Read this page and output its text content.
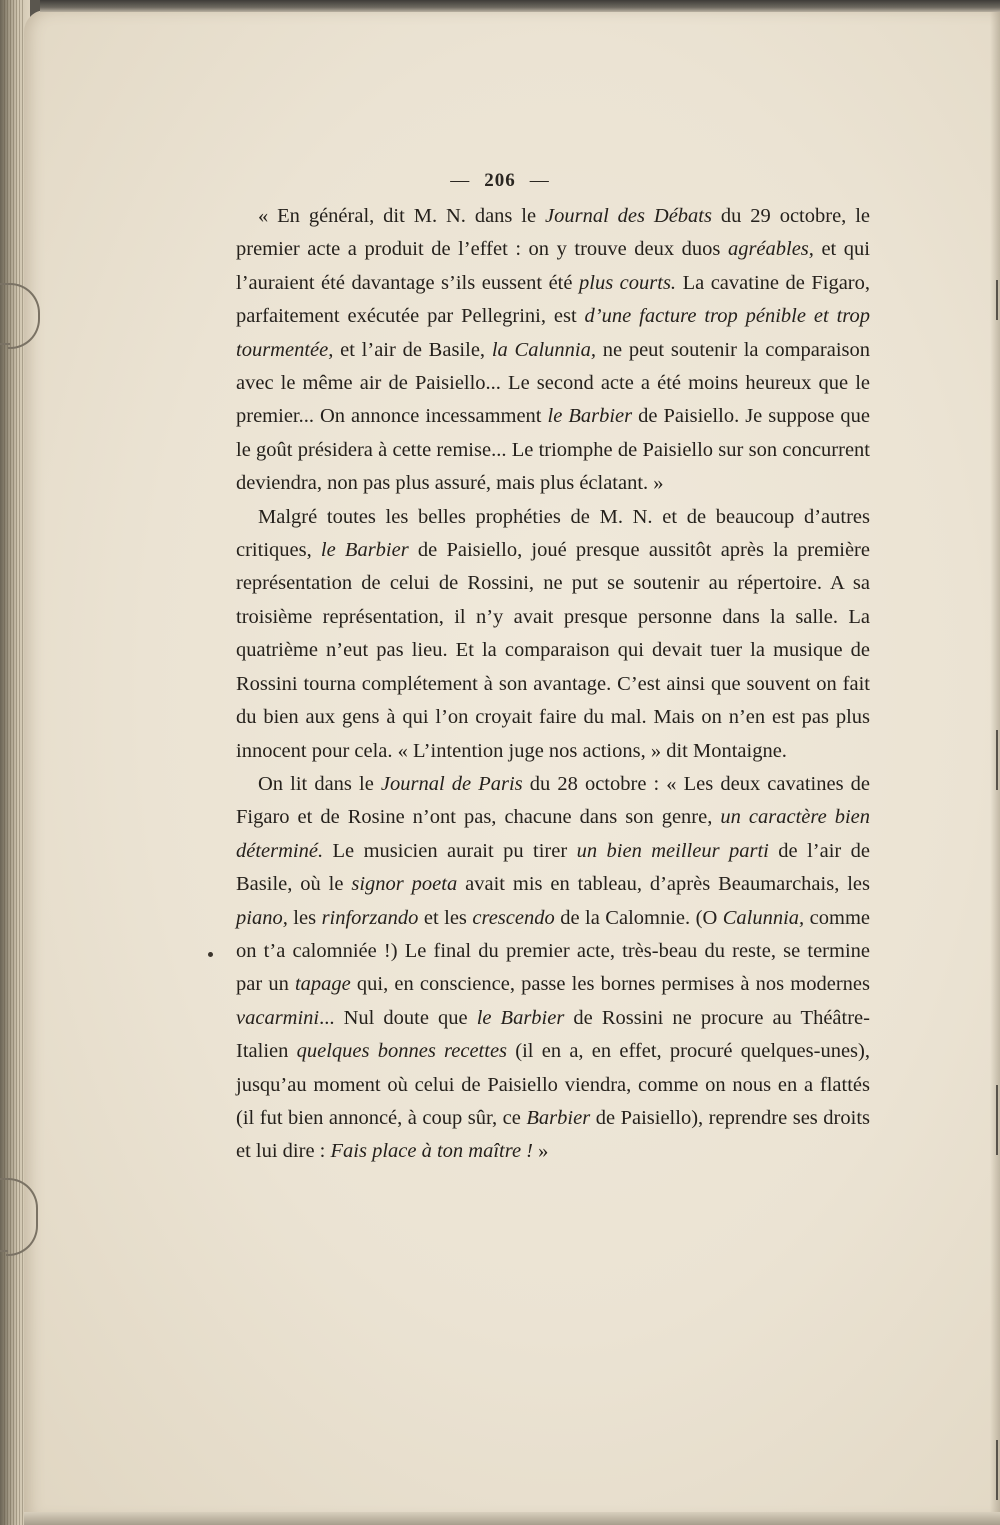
— 206 —

« En général, dit M. N. dans le Journal des Débats du 29 octobre, le premier acte a produit de l’effet : on y trouve deux duos agréables, et qui l’auraient été davantage s’ils eussent été plus courts. La cavatine de Figaro, parfaitement exécutée par Pellegrini, est d’une facture trop pénible et trop tourmentée, et l’air de Basile, la Calunnia, ne peut soutenir la comparaison avec le même air de Paisiello... Le second acte a été moins heureux que le premier... On annonce incessamment le Barbier de Paisiello. Je suppose que le goût présidera à cette remise... Le triomphe de Paisiello sur son concurrent deviendra, non pas plus assuré, mais plus éclatant. »

Malgré toutes les belles prophéties de M. N. et de beaucoup d’autres critiques, le Barbier de Paisiello, joué presque aussitôt après la première représentation de celui de Rossini, ne put se soutenir au répertoire. A sa troisième représentation, il n’y avait presque personne dans la salle. La quatrième n’eut pas lieu. Et la comparaison qui devait tuer la musique de Rossini tourna complétement à son avantage. C’est ainsi que souvent on fait du bien aux gens à qui l’on croyait faire du mal. Mais on n’en est pas plus innocent pour cela. « L’intention juge nos actions, » dit Montaigne.

On lit dans le Journal de Paris du 28 octobre : « Les deux cavatines de Figaro et de Rosine n’ont pas, chacune dans son genre, un caractère bien déterminé. Le musicien aurait pu tirer un bien meilleur parti de l’air de Basile, où le signor poeta avait mis en tableau, d’après Beaumarchais, les piano, les rinforzando et les crescendo de la Calomnie. (O Calunnia, comme on t’a calomniée !) Le final du premier acte, très-beau du reste, se termine par un tapage qui, en conscience, passe les bornes permises à nos modernes vacarmini... Nul doute que le Barbier de Rossini ne procure au Théâtre-Italien quelques bonnes recettes (il en a, en effet, procuré quelques-unes), jusqu’au moment où celui de Paisiello viendra, comme on nous en a flattés (il fut bien annoncé, à coup sûr, ce Barbier de Paisiello), reprendre ses droits et lui dire : Fais place à ton maître ! »
